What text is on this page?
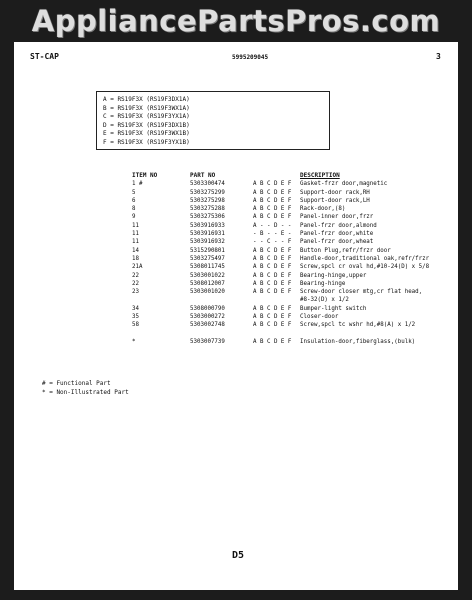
AppliancePartsPros.com
ST-CAP	5995209045	3
A = RS19F3X (RS19F3DX1A)
B = RS19F3X (RS19F3WX1A)
C = RS19F3X (RS19F3YX1A)
D = RS19F3X (RS19F3DX1B)
E = RS19F3X (RS19F3WX1B)
F = RS19F3X (RS19F3YX1B)
ITEM NO	PART NO	DESCRIPTION
1 #	5303300474	A B C D E F Gasket-frzr door,magnetic
5	5303275299	A B C D E F Support-door rack,RH
6	5303275298	A B C D E F Support-door rack,LH
8	5303275288	A B C D E F Rack-door,(8)
9	5303275306	A B C D E F Panel-inner door,frzr
11	5303916933	A - - D - - Panel-frzr door,almond
11	5303916931	- B - - E - Panel-frzr door,white
11	5303916932	- - C - - F Panel-frzr door,wheat
14	5315290801	A B C D E F Button Plug,refr/frzr door
18	5303275497	A B C D E F Handle-door,traditional oak,refr/frzr
21A	5308011745	A B C D E F Screw,spcl cr oval hd,#10-24(D) x 5/8
22	5303001022	A B C D E F Bearing-hinge,upper
22	5308012007	A B C D E F Bearing-hinge
23	5303001020	A B C D E F Screw-door closer mtg,cr flat head,
#8-32(D) x 1/2
34	5308000790	A B C D E F Bumper-light switch
35	5303000272	A B C D E F Closer-door
58	5303002748	A B C D E F Screw,spcl tc wshr hd,#8(A) x 1/2
*	5303007739	A B C D E F Insulation-door,fiberglass,(bulk)
# = Functional Part
* = Non-Illustrated Part
D5
